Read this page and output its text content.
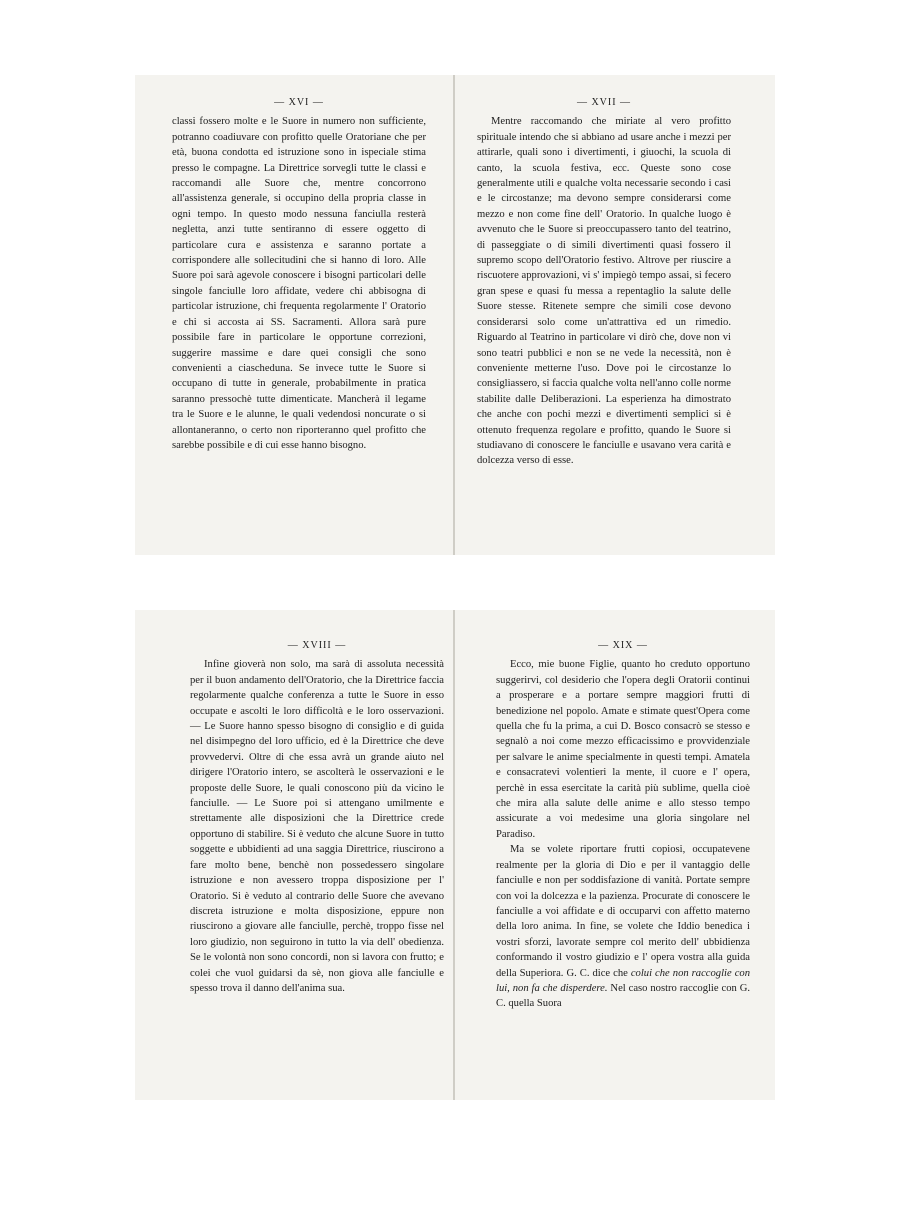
— XVI —

classi fossero molte e le Suore in numero non sufficiente, potranno coadiuvare con profitto quelle Oratoriane che per età, buona condotta ed istruzione sono in ispeciale stima presso le compagne. La Direttrice sorvegli tutte le classi e raccomandi alle Suore che, mentre concorrono all'assistenza generale, si occupino della propria classe in ogni tempo. In questo modo nessuna fanciulla resterà negletta, anzi tutte sentiranno di essere oggetto di particolare cura e assistenza e saranno portate a corrispondere alle sollecitudini che si hanno di loro. Alle Suore poi sarà agevole conoscere i bisogni particolari delle singole fanciulle loro affidate, vedere chi abbisogna di particolar istruzione, chi frequenta regolarmente l' Oratorio e chi si accosta ai SS. Sacramenti. Allora sarà pure possibile fare in particolare le opportune correzioni, suggerire massime e dare quei consigli che sono convenienti a ciascheduna. Se invece tutte le Suore si occupano di tutte in generale, probabilmente in pratica saranno pressochè tutte dimenticate. Mancherà il legame tra le Suore e le alunne, le quali vedendosi noncurate o si allontaneranno, o certo non riporteranno quel profitto che sarebbe possibile e di cui esse hanno bisogno.

— XVII —

Mentre raccomando che miriate al vero profitto spirituale intendo che si abbiano ad usare anche i mezzi per attirarle, quali sono i divertimenti, i giuochi, la scuola di canto, la scuola festiva, ecc. Queste sono cose generalmente utili e qualche volta necessarie secondo i casi e le circostanze; ma devono sempre considerarsi come mezzo e non come fine dell' Oratorio. In qualche luogo è avvenuto che le Suore si preoccupassero tanto del teatrino, di passeggiate o di simili divertimenti quasi fossero il supremo scopo dell'Oratorio festivo. Altrove per riuscire a riscuotere approvazioni, vi s' impiegò tempo assai, si fecero gran spese e quasi fu messa a repentaglio la salute delle Suore stesse. Ritenete sempre che simili cose devono considerarsi solo come un'attrattiva ed un rimedio. Riguardo al Teatrino in particolare vi dirò che, dove non vi sono teatri pubblici e non se ne vede la necessità, non è conveniente metterne l'uso. Dove poi le circostanze lo consigliassero, si faccia qualche volta nell'anno colle norme stabilite dalle Deliberazioni. La esperienza ha dimostrato che anche con pochi mezzi e divertimenti semplici si è ottenuto frequenza regolare e profitto, quando le Suore si studiavano di conoscere le fanciulle e usavano vera carità e dolcezza verso di esse.

— XVIII —

Infine gioverà non solo, ma sarà di assoluta necessità per il buon andamento dell'Oratorio, che la Direttrice faccia regolarmente qualche conferenza a tutte le Suore in esso occupate e ascolti le loro difficoltà e le loro osservazioni. — Le Suore hanno spesso bisogno di consiglio e di guida nel disimpegno del loro ufficio, ed è la Direttrice che deve provvedervi. Oltre di che essa avrà un grande aiuto nel dirigere l'Oratorio intero, se ascolterà le osservazioni e le proposte delle Suore, le quali conoscono più da vicino le fanciulle. — Le Suore poi si attengano umilmente e strettamente alle disposizioni che la Direttrice crede opportuno di stabilire. Si è veduto che alcune Suore in tutto soggette e ubbidienti ad una saggia Direttrice, riuscirono a fare molto bene, benchè non possedessero singolare istruzione e non avessero troppa disposizione per l' Oratorio. Si è veduto al contrario delle Suore che avevano discreta istruzione e molta disposizione, eppure non riuscirono a giovare alle fanciulle, perchè, troppo fisse nel loro giudizio, non seguirono in tutto la via dell' obedienza. Se le volontà non sono concordi, non si lavora con frutto; e colei che vuol guidarsi da sè, non giova alle fanciulle e spesso trova il danno dell'anima sua.

— XIX —

Ecco, mie buone Figlie, quanto ho creduto opportuno suggerirvi, col desiderio che l'opera degli Oratorii continui a prosperare e a portare sempre maggiori frutti di benedizione nel popolo. Amate e stimate quest'Opera come quella che fu la prima, a cui D. Bosco consacrò se stesso e segnalò a noi come mezzo efficacissimo e provvidenziale per salvare le anime specialmente in questi tempi. Amatela e consacratevi volentieri la mente, il cuore e l' opera, perchè in essa esercitate la carità più sublime, quella cioè che mira alla salute delle anime e allo stesso tempo assicurate a voi medesime una gloria singolare nel Paradiso.

Ma se volete riportare frutti copiosi, occupatevene realmente per la gloria di Dio e per il vantaggio delle fanciulle e non per soddisfazione di vanità. Portate sempre con voi la dolcezza e la pazienza. Procurate di conoscere le fanciulle a voi affidate e di occuparvi con affetto materno della loro anima. In fine, se volete che Iddio benedica i vostri sforzi, lavorate sempre col merito dell' ubbidienza conformando il vostro giudizio e l' opera vostra alla guida della Superiora. G. C. dice che colui che non raccoglie con lui, non fa che disperdere. Nel caso nostro raccoglie con G. C. quella Suora
